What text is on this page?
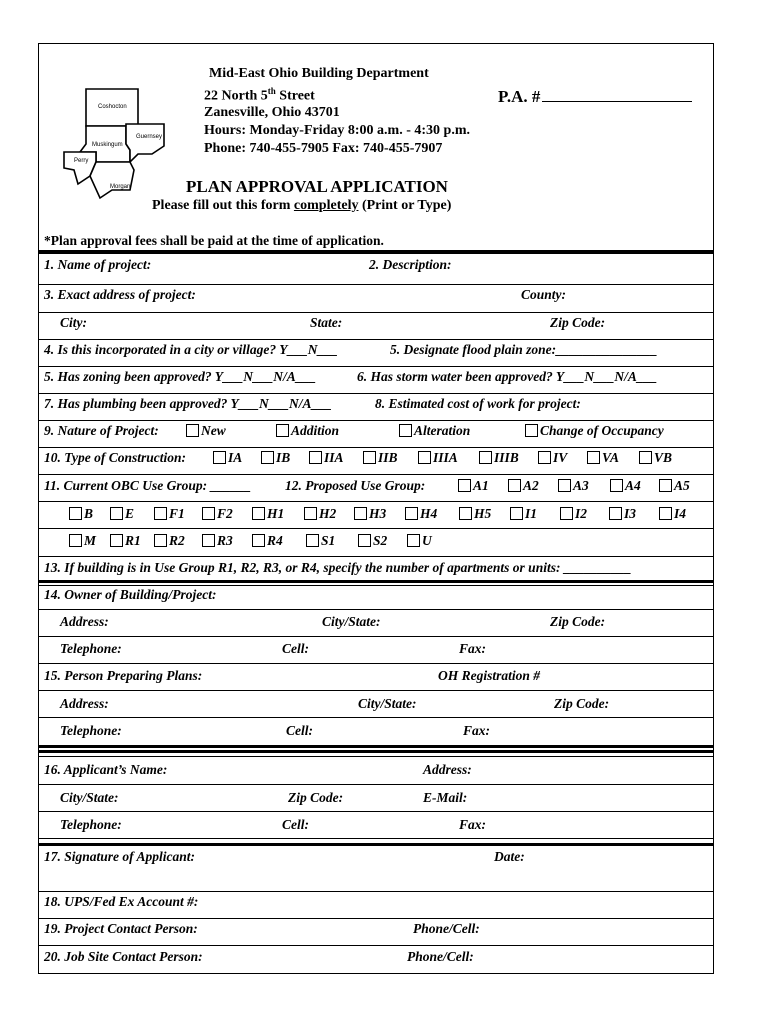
Coshocton
Guernsey
Muskingum
Perry
Morgan
Mid-East Ohio Building Department
22 North 5th Street
Zanesville, Ohio 43701
Hours: Monday-Friday 8:00 a.m. - 4:30 p.m.
Phone: 740-455-7905 Fax: 740-455-7907
P.A. #
PLAN APPROVAL APPLICATION
Please fill out this form completely (Print or Type)
*Plan approval fees shall be paid at the time of application.
1. Name of project:	2. Description:
3. Exact address of project:	County:
City:	State:	Zip Code:
4. Is this incorporated in a city or village? Y___N___	5. Designate flood plain zone:_______________
5. Has zoning been approved? Y___N___N/A___	6. Has storm water been approved? Y___N___N/A___
7. Has plumbing been approved? Y___N___N/A___	8. Estimated cost of work for project:
9. Nature of Project:	New	Addition	Alteration	Change of Occupancy
10. Type of Construction:	IA	IB	IIA	IIB	IIIA	IIIB	IV	VA	VB
11. Current OBC Use Group: ______	12. Proposed Use Group:	A1	A2	A3	A4	A5
B	E	F1	F2	H1	H2	H3	H4	H5	I1	I2	I3	I4
M	R1	R2	R3	R4	S1	S2	U
13. If building is in Use Group R1, R2, R3, or R4, specify the number of apartments or units: __________
14. Owner of Building/Project:
Address:	City/State:	Zip Code:
Telephone:	Cell:	Fax:
15. Person Preparing Plans:	OH Registration #
Address:	City/State:	Zip Code:
Telephone:	Cell:	Fax:
16. Applicant’s Name:	Address:
City/State:	Zip Code:	E-Mail:
Telephone:	Cell:	Fax:
17. Signature of Applicant:	Date:
18. UPS/Fed Ex Account #:
19. Project Contact Person:	Phone/Cell:
20. Job Site Contact Person:	Phone/Cell:
